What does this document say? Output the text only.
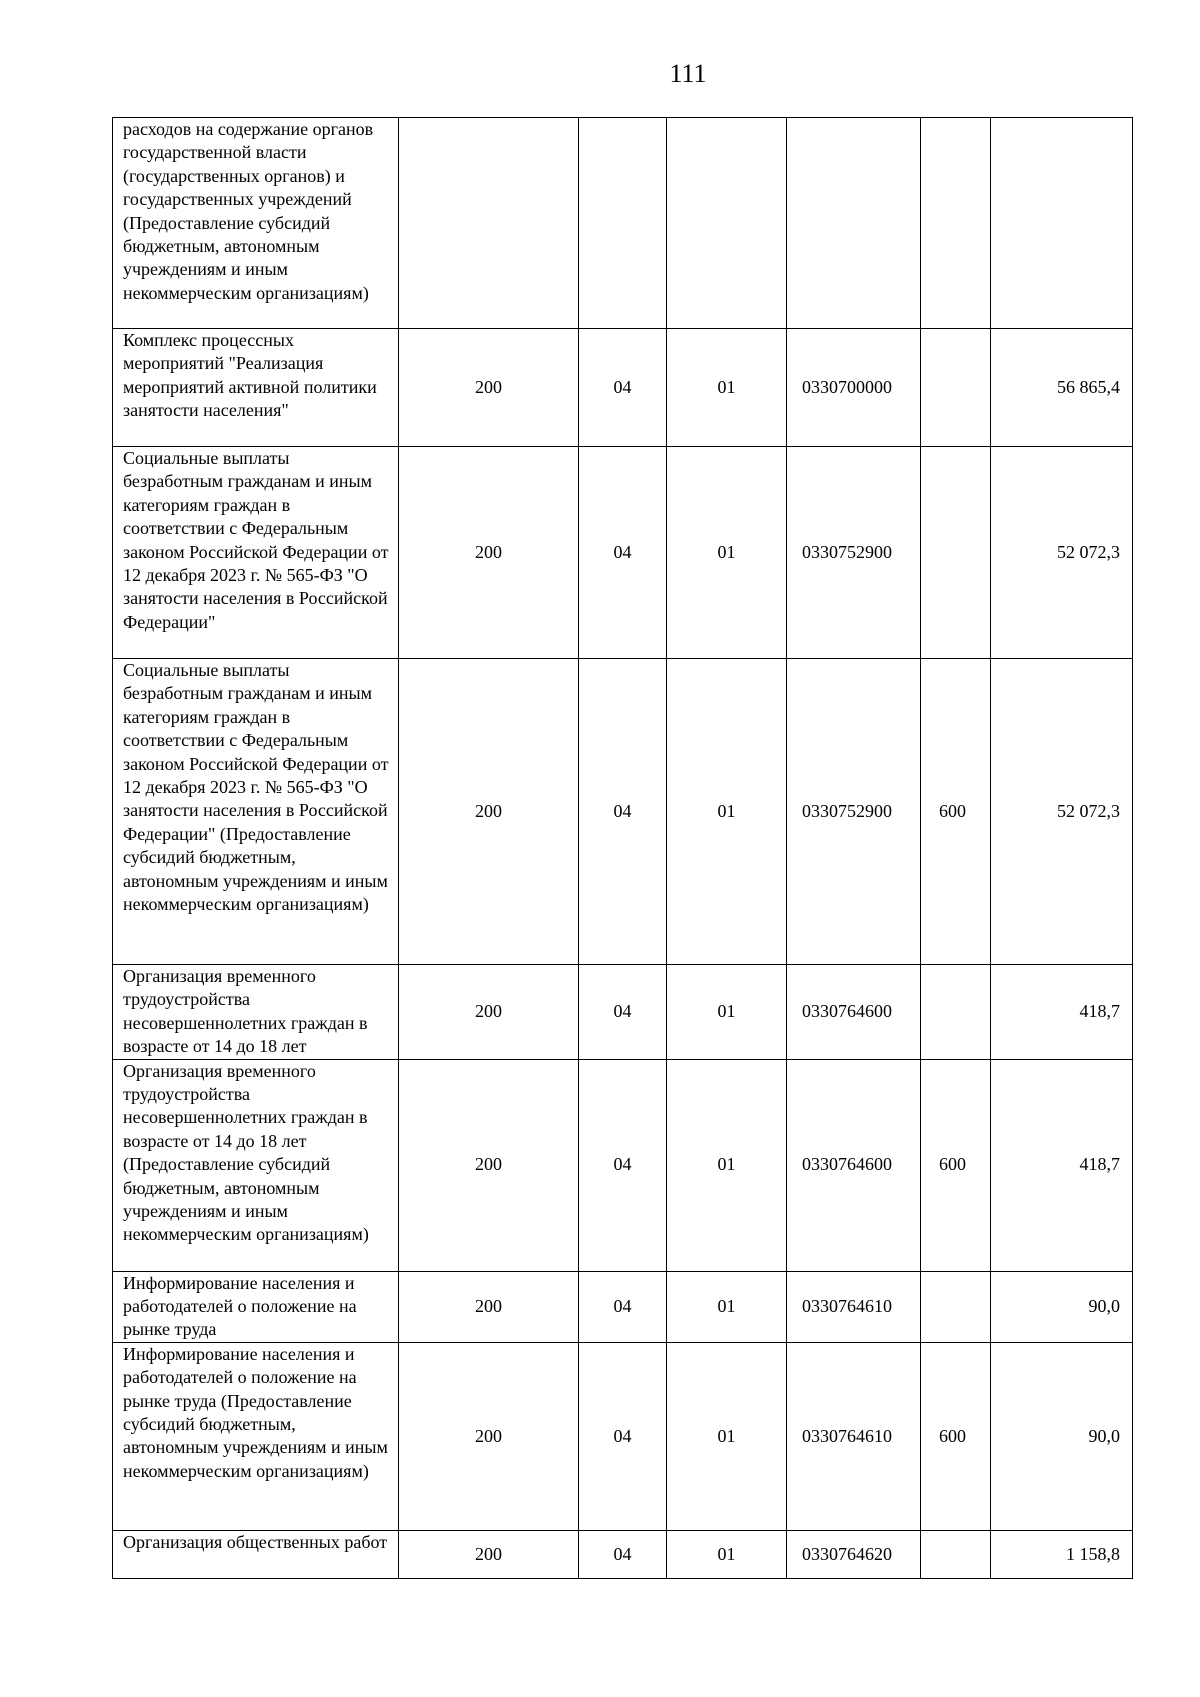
111
расходов на содержание органов государственной власти (государственных органов) и государственных учреждений (Предоставление субсидий бюджетным, автономным учреждениям и иным некоммерческим организациям)						
Комплекс процессных мероприятий "Реализация мероприятий активной политики занятости населения"	200	04	01	0330700000		56 865,4
Социальные выплаты безработным гражданам и иным категориям граждан в соответствии с Федеральным законом Российской Федерации от 12 декабря 2023 г. № 565-ФЗ "О занятости населения в Российской Федерации"	200	04	01	0330752900		52 072,3
Социальные выплаты безработным гражданам и иным категориям граждан в соответствии с Федеральным законом Российской Федерации от 12 декабря 2023 г. № 565-ФЗ "О занятости населения в Российской Федерации" (Предоставление субсидий бюджетным, автономным учреждениям и иным некоммерческим организациям)	200	04	01	0330752900	600	52 072,3
Организация временного трудоустройства несовершеннолетних граждан в возрасте от 14 до 18 лет	200	04	01	0330764600		418,7
Организация временного трудоустройства несовершеннолетних граждан в возрасте от 14 до 18 лет (Предоставление субсидий бюджетным, автономным учреждениям и иным некоммерческим организациям)	200	04	01	0330764600	600	418,7
Информирование населения и работодателей о положение на рынке труда	200	04	01	0330764610		90,0
Информирование населения и работодателей о положение на рынке труда (Предоставление субсидий бюджетным, автономным учреждениям и иным некоммерческим организациям)	200	04	01	0330764610	600	90,0
Организация общественных работ	200	04	01	0330764620		1 158,8
